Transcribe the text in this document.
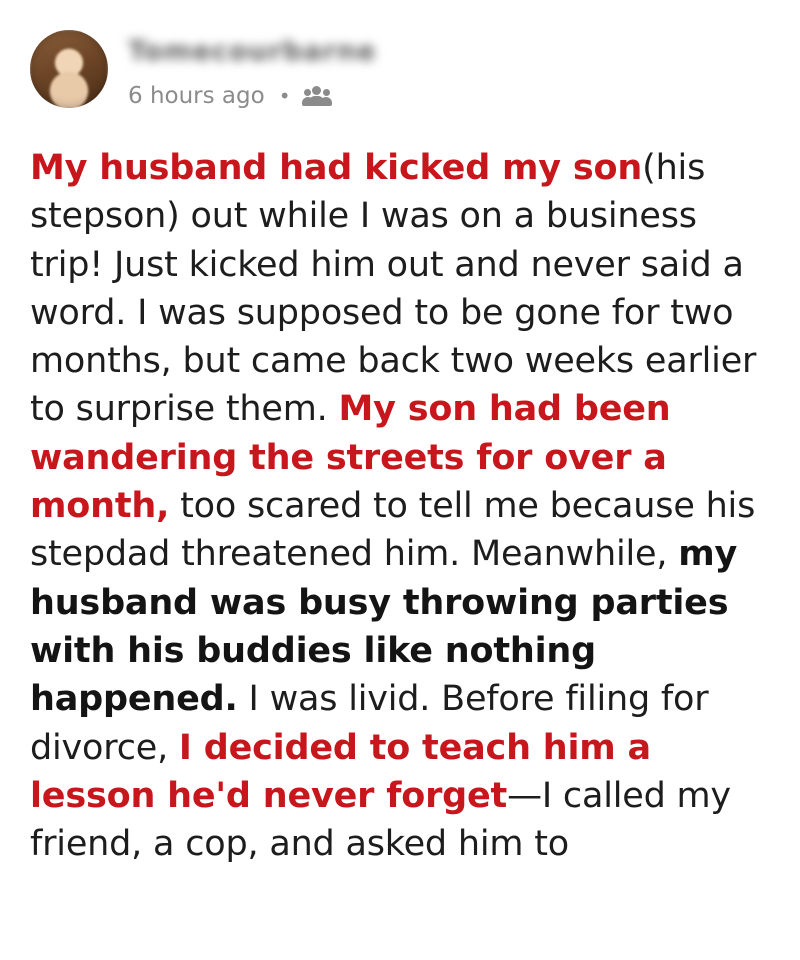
Tomecourbarne
6 hours ago •
My husband had kicked my son(his stepson) out while I was on a business trip! Just kicked him out and never said a word. I was supposed to be gone for two months, but came back two weeks earlier to surprise them. My son had been wandering the streets for over a month, too scared to tell me because his stepdad threatened him. Meanwhile, my husband was busy throwing parties with his buddies like nothing happened. I was livid. Before filing for divorce, I decided to teach him a lesson he'd never forget—I called my friend, a cop, and asked him to
